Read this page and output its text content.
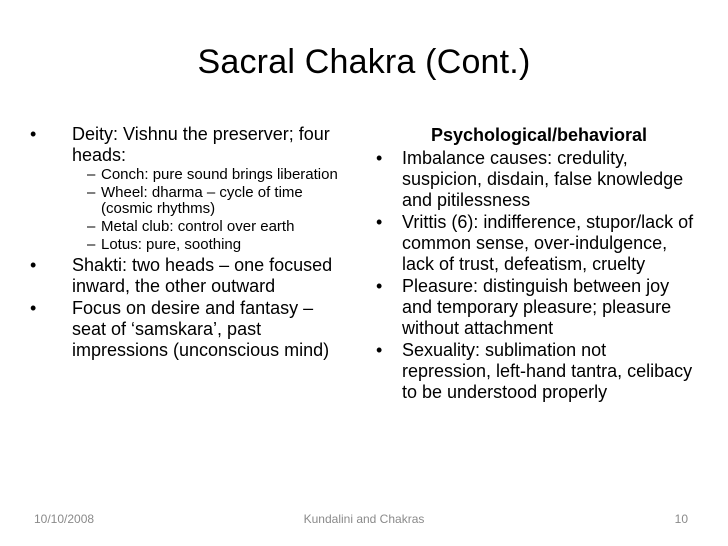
Sacral Chakra (Cont.)
•	Deity: Vishnu the preserver; four heads:
– Conch: pure sound brings liberation
– Wheel: dharma – cycle of time (cosmic rhythms)
– Metal club: control over earth
– Lotus: pure, soothing
•	Shakti: two heads – one focused inward, the other outward
•	Focus on desire and fantasy – seat of ‘samskara’, past impressions (unconscious mind)
Psychological/behavioral
•	Imbalance causes: credulity, suspicion, disdain, false knowledge and pitilessness
•	Vrittis (6): indifference, stupor/lack of common sense, over-indulgence, lack of trust, defeatism, cruelty
•	Pleasure: distinguish between joy and temporary pleasure; pleasure without attachment
•	Sexuality: sublimation not repression, left-hand tantra, celibacy to be understood properly
10/10/2008	Kundalini and Chakras	10
